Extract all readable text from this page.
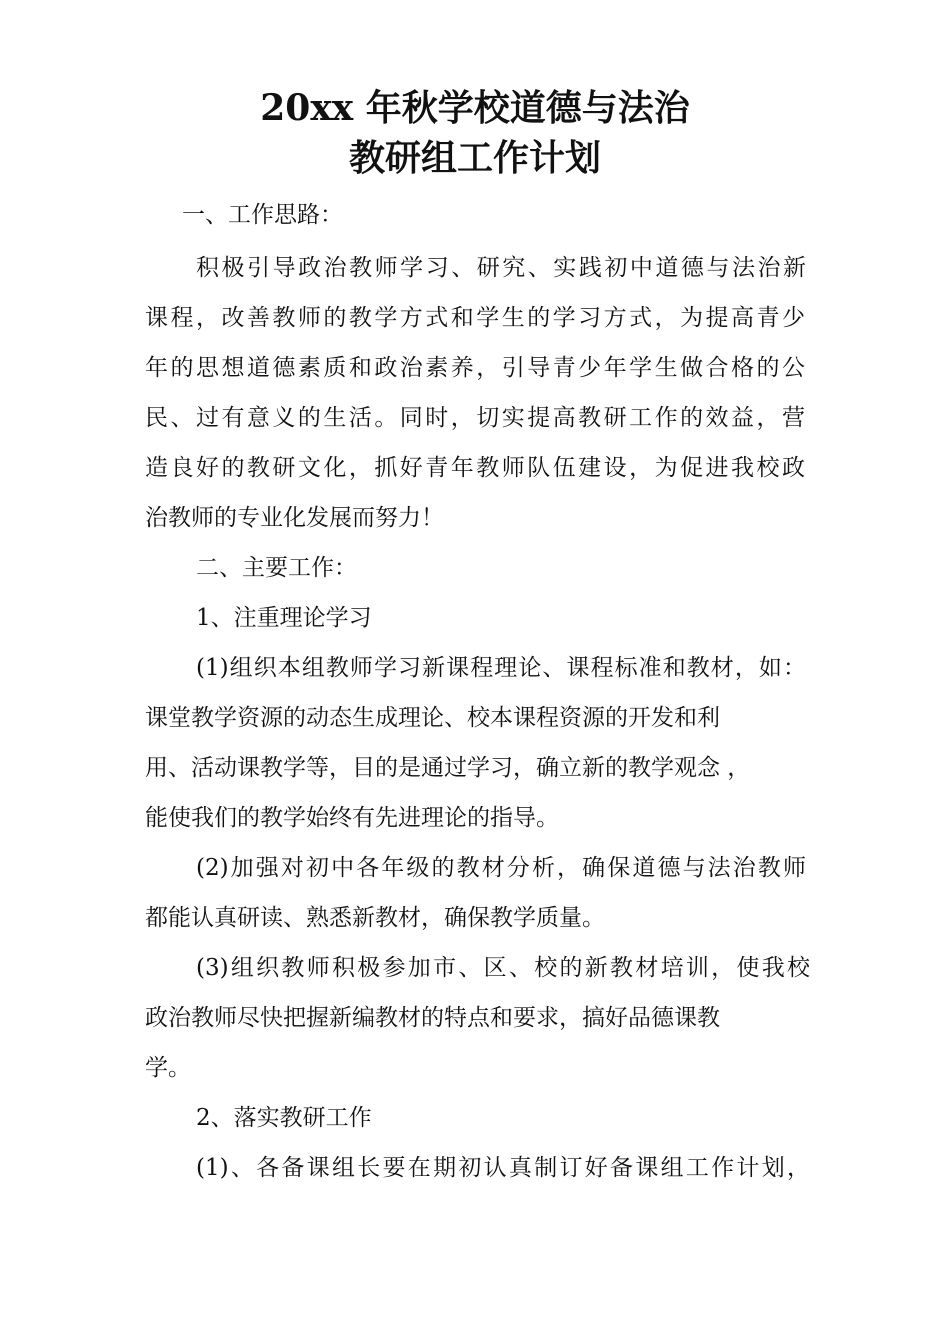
20xx 年秋学校道德与法治
教研组工作计划
一、工作思路：
积极引导政治教师学习、研究、实践初中道德与法治新
课程，改善教师的教学方式和学生的学习方式，为提高青少
年的思想道德素质和政治素养，引导青少年学生做合格的公
民、过有意义的生活。同时，切实提高教研工作的效益，营
造良好的教研文化，抓好青年教师队伍建设，为促进我校政
治教师的专业化发展而努力！
二、主要工作：
1、注重理论学习
(1)组织本组教师学习新课程理论、课程标准和教材，如：
课堂教学资源的动态生成理论、校本课程资源的开发和利
用、活动课教学等，目的是通过学习，确立新的教学观念 ，
能使我们的教学始终有先进理论的指导。
(2)加强对初中各年级的教材分析，确保道德与法治教师
都能认真研读、熟悉新教材，确保教学质量。
(3)组织教师积极参加市、区、校的新教材培训，使我校
政治教师尽快把握新编教材的特点和要求，搞好品德课教
学。
2、落实教研工作
(1)、各备课组长要在期初认真制订好备课组工作计划，
